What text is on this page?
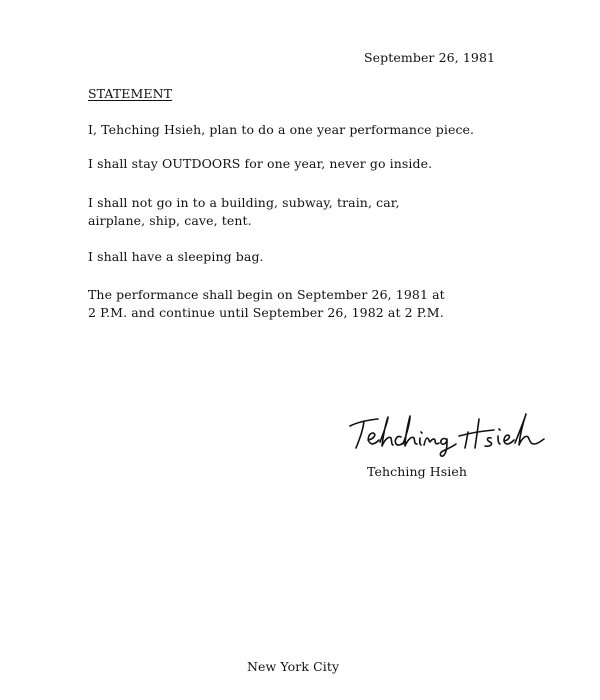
September 26, 1981
STATEMENT
I, Tehching Hsieh, plan to do a one year performance piece.
I shall stay OUTDOORS for one year, never go inside.
I shall not go in to a building, subway, train, car,
airplane, ship, cave, tent.
I shall have a sleeping bag.
The performance shall begin on September 26, 1981 at
2 P.M. and continue until September 26, 1982 at 2 P.M.
Tehching Hsieh
New York City
